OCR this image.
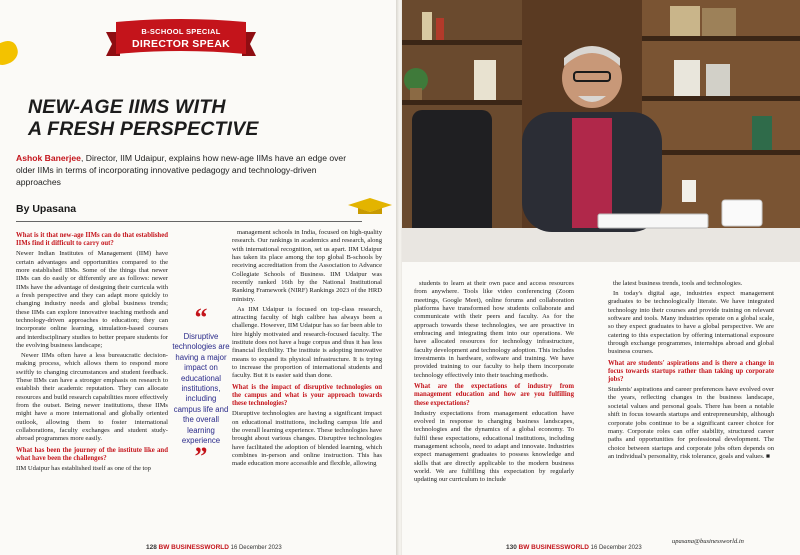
B-SCHOOL SPECIAL
DIRECTOR SPEAK
NEW-AGE IIMS WITH
A FRESH PERSPECTIVE
Ashok Banerjee, Director, IIM Udaipur, explains how new-age IIMs have an edge over older IIMs in terms of incorporating innovative pedagogy and technology-driven approaches
By Upasana

What is it that new-age IIMs can do that established IIMs find it difficult to carry out?

Newer Indian Institutes of Management (IIM) have certain advantages and opportunities compared to the more established IIMs. Some of the things that newer IIMs can do easily or differently are as follows: newer IIMs have the advantage of designing their curricula with a fresh perspective and they can adapt more quickly to changing industry needs and global business trends; these IIMs can explore innovative teaching methods and technology-driven approaches to education; they can incorporate online learning, simulation-based courses and interdisciplinary studies to better prepare students for the evolving business landscape;

Newer IIMs often have a less bureaucratic decision-making process, which allows them to respond more swiftly to changing circumstances and student feedback. These IIMs can have a stronger emphasis on research to establish their academic reputation. They can allocate resources and build research capabilities more effectively from the outset. Being newer institutions, these IIMs might have a more international and globally oriented outlook, allowing them to foster international collaborations, faculty exchanges and student study-abroad programmes more easily.

What has been the journey of the institute like and what have been the challenges?

IIM Udaipur has established itself as one of the top

“
Disruptive technologies are having a major impact on educational institutions, including campus life and the overall learning experience
”

management schools in India, focused on high-quality research. Our rankings in academics and research, along with international recognition, set us apart. IIM Udaipur has taken its place among the top global B-schools by receiving accreditation from the Association to Advance Collegiate Schools of Business. IIM Udaipur was recently ranked 16th by the National Institutional Ranking Framework (NIRF) Rankings 2023 of the HRD ministry.

As IIM Udaipur is focused on top-class research, attracting faculty of high calibre has always been a challenge. However, IIM Udaipur has so far been able to hire highly motivated and research-focused faculty. The institute does not have a huge corpus and thus it has less financial flexibility. The institute is adopting innovative means to expand its physical infrastructure. It is trying to increase the proportion of international students and faculty. But it is easier said than done.

What is the impact of disruptive technologies on the campus and what is your approach towards these technologies?

Disruptive technologies are having a significant impact on educational institutions, including campus life and the overall learning experience. These technologies have brought about various changes. Disruptive technologies have facilitated the adoption of blended learning, which combines in-person and online instruction. This has made education more accessible and flexible, allowing

128 BW BUSINESSWORLD 16 December 2023

students to learn at their own pace and access resources from anywhere. Tools like video conferencing (Zoom meetings, Google Meet), online forums and collaboration platforms have transformed how students collaborate and communicate with their peers and faculty. As for the approach towards these technologies, we are proactive in embracing and integrating them into our operations. We have allocated resources for technology infrastructure, faculty development and technology adoption. This includes investments in hardware, software and training. We have provided training to our faculty to help them incorporate technology effectively into their teaching methods.

What are the expectations of industry from management education and how are you fulfilling these expectations?

Industry expectations from management education have evolved in response to changing business landscapes, technologies and the dynamics of a global economy. To fulfil these expectations, educational institutions, including management schools, need to adapt and innovate. Industries expect management graduates to possess knowledge and skills that are directly applicable to the modern business world. We are fulfilling this expectation by regularly updating our curriculum to include

the latest business trends, tools and technologies.

In today's digital age, industries expect management graduates to be technologically literate. We have integrated technology into their courses and provide training on relevant software and tools. Many industries operate on a global scale, so they expect graduates to have a global perspective. We are catering to this expectation by offering international exposure through exchange programmes, internships abroad and global business courses.

What are students' aspirations and is there a change in focus towards startups rather than taking up corporate jobs?

Students' aspirations and career preferences have evolved over the years, reflecting changes in the business landscape, societal values and personal goals. There has been a notable shift in focus towards startups and entrepreneurship, although corporate jobs continue to be a significant career choice for many. Corporate roles can offer stability, structured career paths and opportunities for professional development. The choice between startups and corporate jobs often depends on an individual's personality, risk tolerance, goals and values. ■

130 BW BUSINESSWORLD 16 December 2023
upasana@businessworld.in
